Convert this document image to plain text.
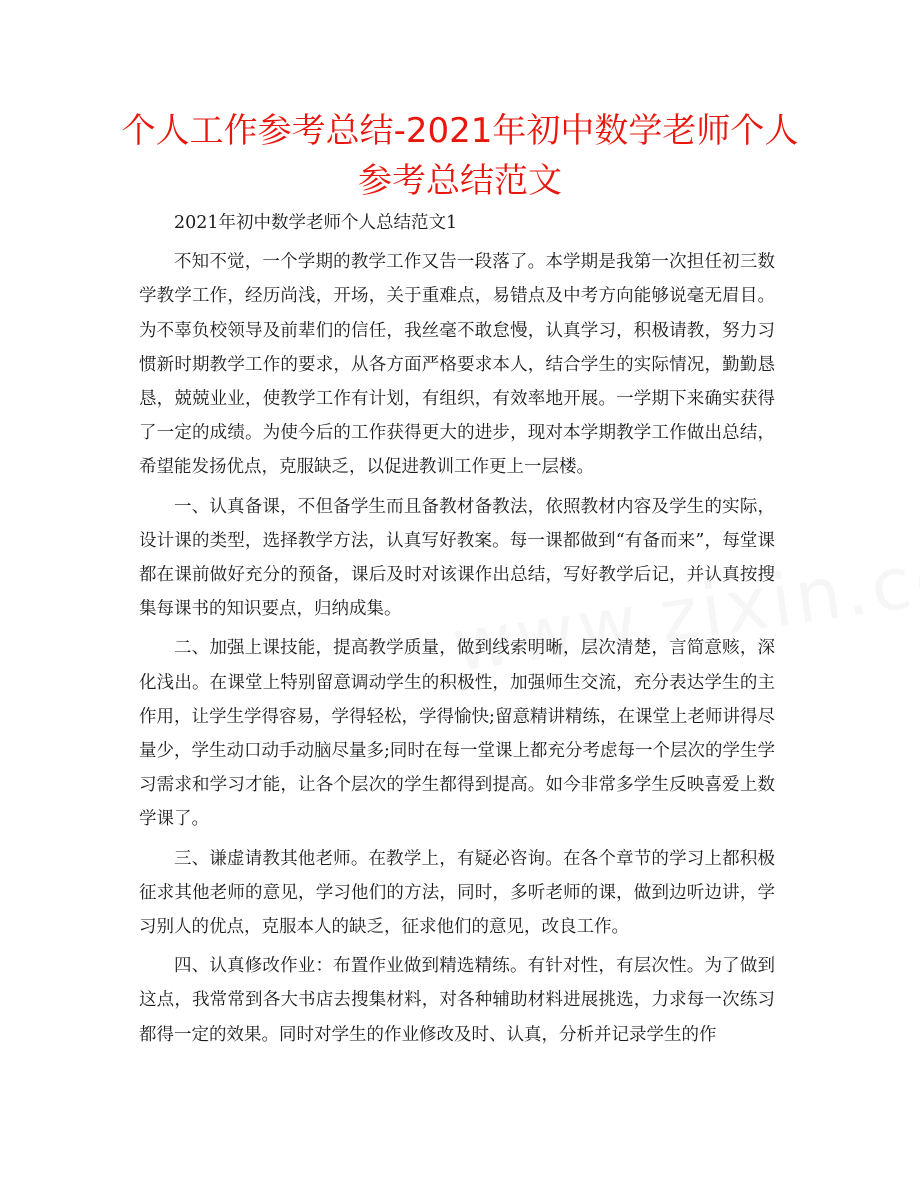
个人工作参考总结-2021年初中数学老师个人参考总结范文

2021年初中数学老师个人总结范文1

不知不觉，一个学期的教学工作又告一段落了。本学期是我第一次担任初三数学教学工作，经历尚浅，开场，关于重难点，易错点及中考方向能够说毫无眉目。为不辜负校领导及前辈们的信任，我丝毫不敢怠慢，认真学习，积极请教，努力习惯新时期教学工作的要求，从各方面严格要求本人，结合学生的实际情况，勤勤恳恳，兢兢业业，使教学工作有计划，有组织，有效率地开展。一学期下来确实获得了一定的成绩。为使今后的工作获得更大的进步，现对本学期教学工作做出总结，希望能发扬优点，克服缺乏，以促进教训工作更上一层楼。

一、认真备课，不但备学生而且备教材备教法，依照教材内容及学生的实际，设计课的类型，选择教学方法，认真写好教案。每一课都做到“有备而来”，每堂课都在课前做好充分的预备，课后及时对该课作出总结，写好教学后记，并认真按搜集每课书的知识要点，归纳成集。

二、加强上课技能，提高教学质量，做到线索明晰，层次清楚，言简意赅，深化浅出。在课堂上特别留意调动学生的积极性，加强师生交流，充分表达学生的主作用，让学生学得容易，学得轻松，学得愉快;留意精讲精练，在课堂上老师讲得尽量少，学生动口动手动脑尽量多;同时在每一堂课上都充分考虑每一个层次的学生学习需求和学习才能，让各个层次的学生都得到提高。如今非常多学生反映喜爱上数学课了。

三、谦虚请教其他老师。在教学上，有疑必咨询。在各个章节的学习上都积极征求其他老师的意见，学习他们的方法，同时，多听老师的课，做到边听边讲，学习别人的优点，克服本人的缺乏，征求他们的意见，改良工作。

四、认真修改作业：布置作业做到精选精练。有针对性，有层次性。为了做到这点，我常常到各大书店去搜集材料，对各种辅助材料进展挑选，力求每一次练习都得一定的效果。同时对学生的作业修改及时、认真，分析并记录学生的作
